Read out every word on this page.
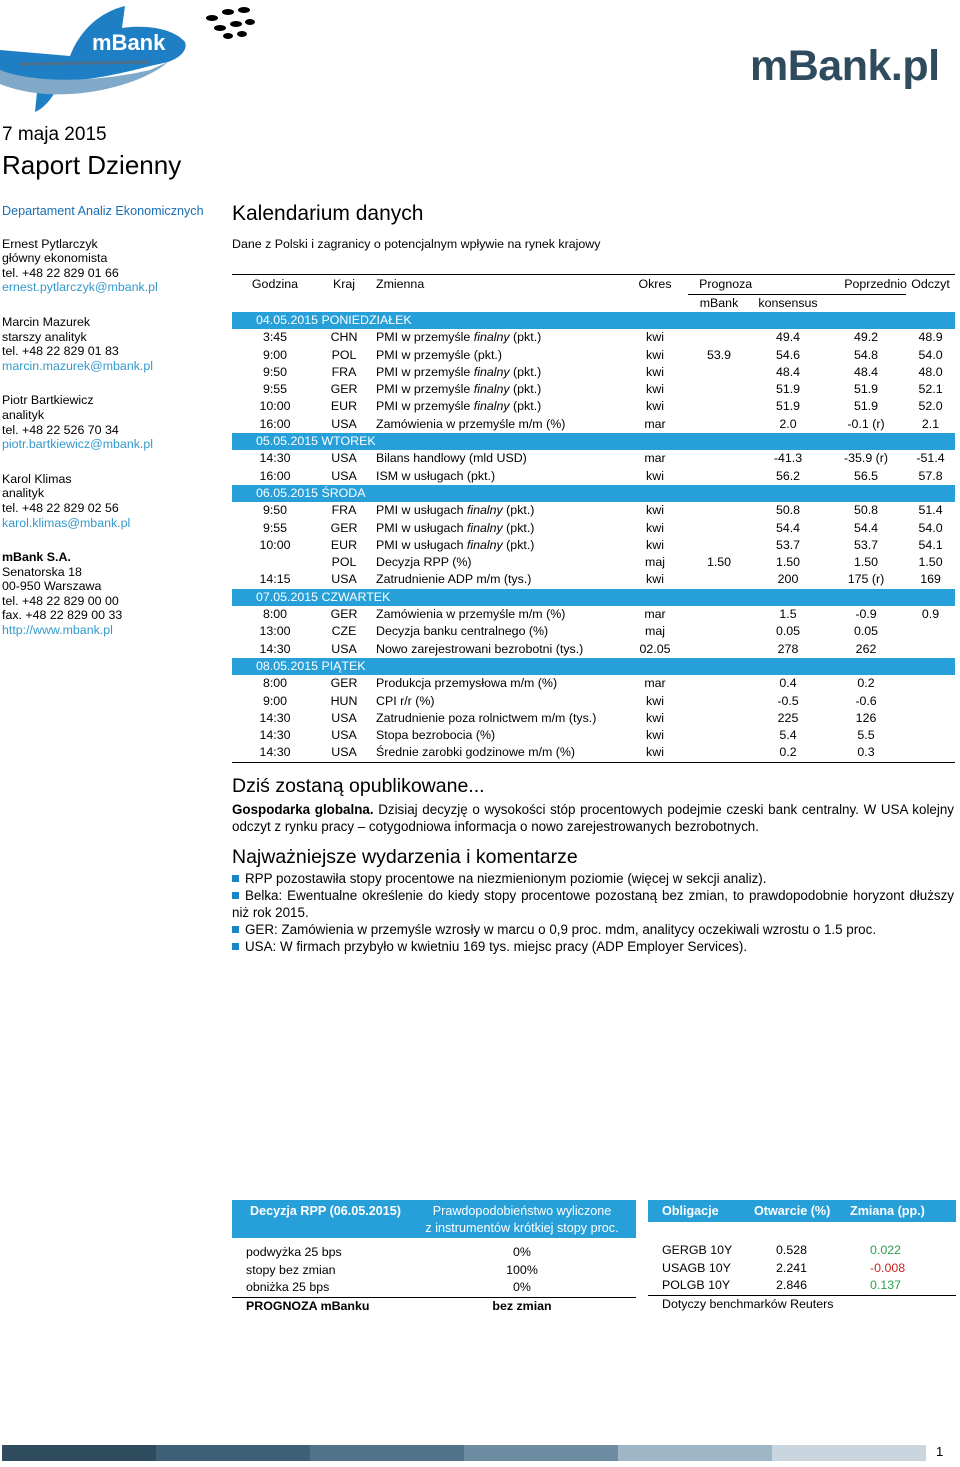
mBank	mBank.pl
7 maja 2015
Raport Dzienny
Departament Analiz Ekonomicznych
Ernest Pytlarczyk
główny ekonomista
tel. +48 22 829 01 66
ernest.pytlarczyk@mbank.pl
Marcin Mazurek
starszy analityk
tel. +48 22 829 01 83
marcin.mazurek@mbank.pl
Piotr Bartkiewicz
analityk
tel. +48 22 526 70 34
piotr.bartkiewicz@mbank.pl
Karol Klimas
analityk
tel. +48 22 829 02 56
karol.klimas@mbank.pl
mBank S.A.
Senatorska 18
00-950 Warszawa
tel. +48 22 829 00 00
fax. +48 22 829 00 33
http://www.mbank.pl
Kalendarium danych
Dane z Polski i zagranicy o potencjalnym wpływie na rynek krajowy
Godzina	Kraj	Zmienna	Okres	Prognoza Poprzednio			Odczyt
				mBank	konsensus		
04.05.2015 PONIEDZIAŁEK							
3:45	CHN	PMI w przemyśle finalny (pkt.)	kwi		49.4	49.2	48.9
9:00	POL	PMI w przemyśle (pkt.)	kwi	53.9	54.6	54.8	54.0
9:50	FRA	PMI w przemyśle finalny (pkt.)	kwi		48.4	48.4	48.0
9:55	GER	PMI w przemyśle finalny (pkt.)	kwi		51.9	51.9	52.1
10:00	EUR	PMI w przemyśle finalny (pkt.)	kwi		51.9	51.9	52.0
16:00	USA	Zamówienia w przemyśle m/m (%)	mar		2.0	-0.1 (r)	2.1
05.05.2015 WTOREK							
14:30	USA	Bilans handlowy (mld USD)	mar		-41.3	-35.9 (r)	-51.4
16:00	USA	ISM w usługach (pkt.)	kwi		56.2	56.5	57.8
06.05.2015 ŚRODA							
9:50	FRA	PMI w usługach finalny (pkt.)	kwi		50.8	50.8	51.4
9:55	GER	PMI w usługach finalny (pkt.)	kwi		54.4	54.4	54.0
10:00	EUR	PMI w usługach finalny (pkt.)	kwi		53.7	53.7	54.1
	POL	Decyzja RPP (%)	maj	1.50	1.50	1.50	1.50
14:15	USA	Zatrudnienie ADP m/m (tys.)	kwi		200	175 (r)	169
07.05.2015 CZWARTEK							
8:00	GER	Zamówienia w przemyśle m/m (%)	mar		1.5	-0.9	0.9
13:00	CZE	Decyzja banku centralnego (%)	maj		0.05	0.05	
14:30	USA	Nowo zarejestrowani bezrobotni (tys.)	02.05		278	262	
08.05.2015 PIĄTEK							
8:00	GER	Produkcja przemysłowa m/m (%)	mar		0.4	0.2	
9:00	HUN	CPI r/r (%)	kwi		-0.5	-0.6	
14:30	USA	Zatrudnienie poza rolnictwem m/m (tys.)	kwi		225	126	
14:30	USA	Stopa bezrobocia (%)	kwi		5.4	5.5	
14:30	USA	Średnie zarobki godzinowe m/m (%)	kwi		0.2	0.3	
Dziś zostaną opublikowane...
Gospodarka globalna. Dzisiaj decyzję o wysokości stóp procentowych podejmie czeski bank centralny. W USA kolejny odczyt z rynku pracy – cotygodniowa informacja o nowo zarejestrowanych bezrobotnych.
Najważniejsze wydarzenia i komentarze
RPP pozostawiła stopy procentowe na niezmienionym poziomie (więcej w sekcji analiz).
Belka: Ewentualne określenie do kiedy stopy procentowe pozostaną bez zmian, to prawdopodobnie horyzont dłuższy niż rok 2015.
GER: Zamówienia w przemyśle wzrosły w marcu o 0,9 proc. mdm, analitycy oczekiwali wzrostu o 1.5 proc.
USA: W firmach przybyło w kwietniu 169 tys. miejsc pracy (ADP Employer Services).
Decyzja RPP (06.05.2015)	Prawdopodobieństwo wyliczone
z instrumentów krótkiej stopy proc.
podwyżka 25 bps	0%
stopy bez zmian	100%
obniżka 25 bps	0%
PROGNOZA mBanku	bez zmian
Obligacje	Otwarcie (%) Zmiana (pp.)
GERGB 10Y	0.528	0.022
USAGB 10Y	2.241	-0.008
POLGB 10Y	2.846	0.137
Dotyczy benchmarków Reuters
1
